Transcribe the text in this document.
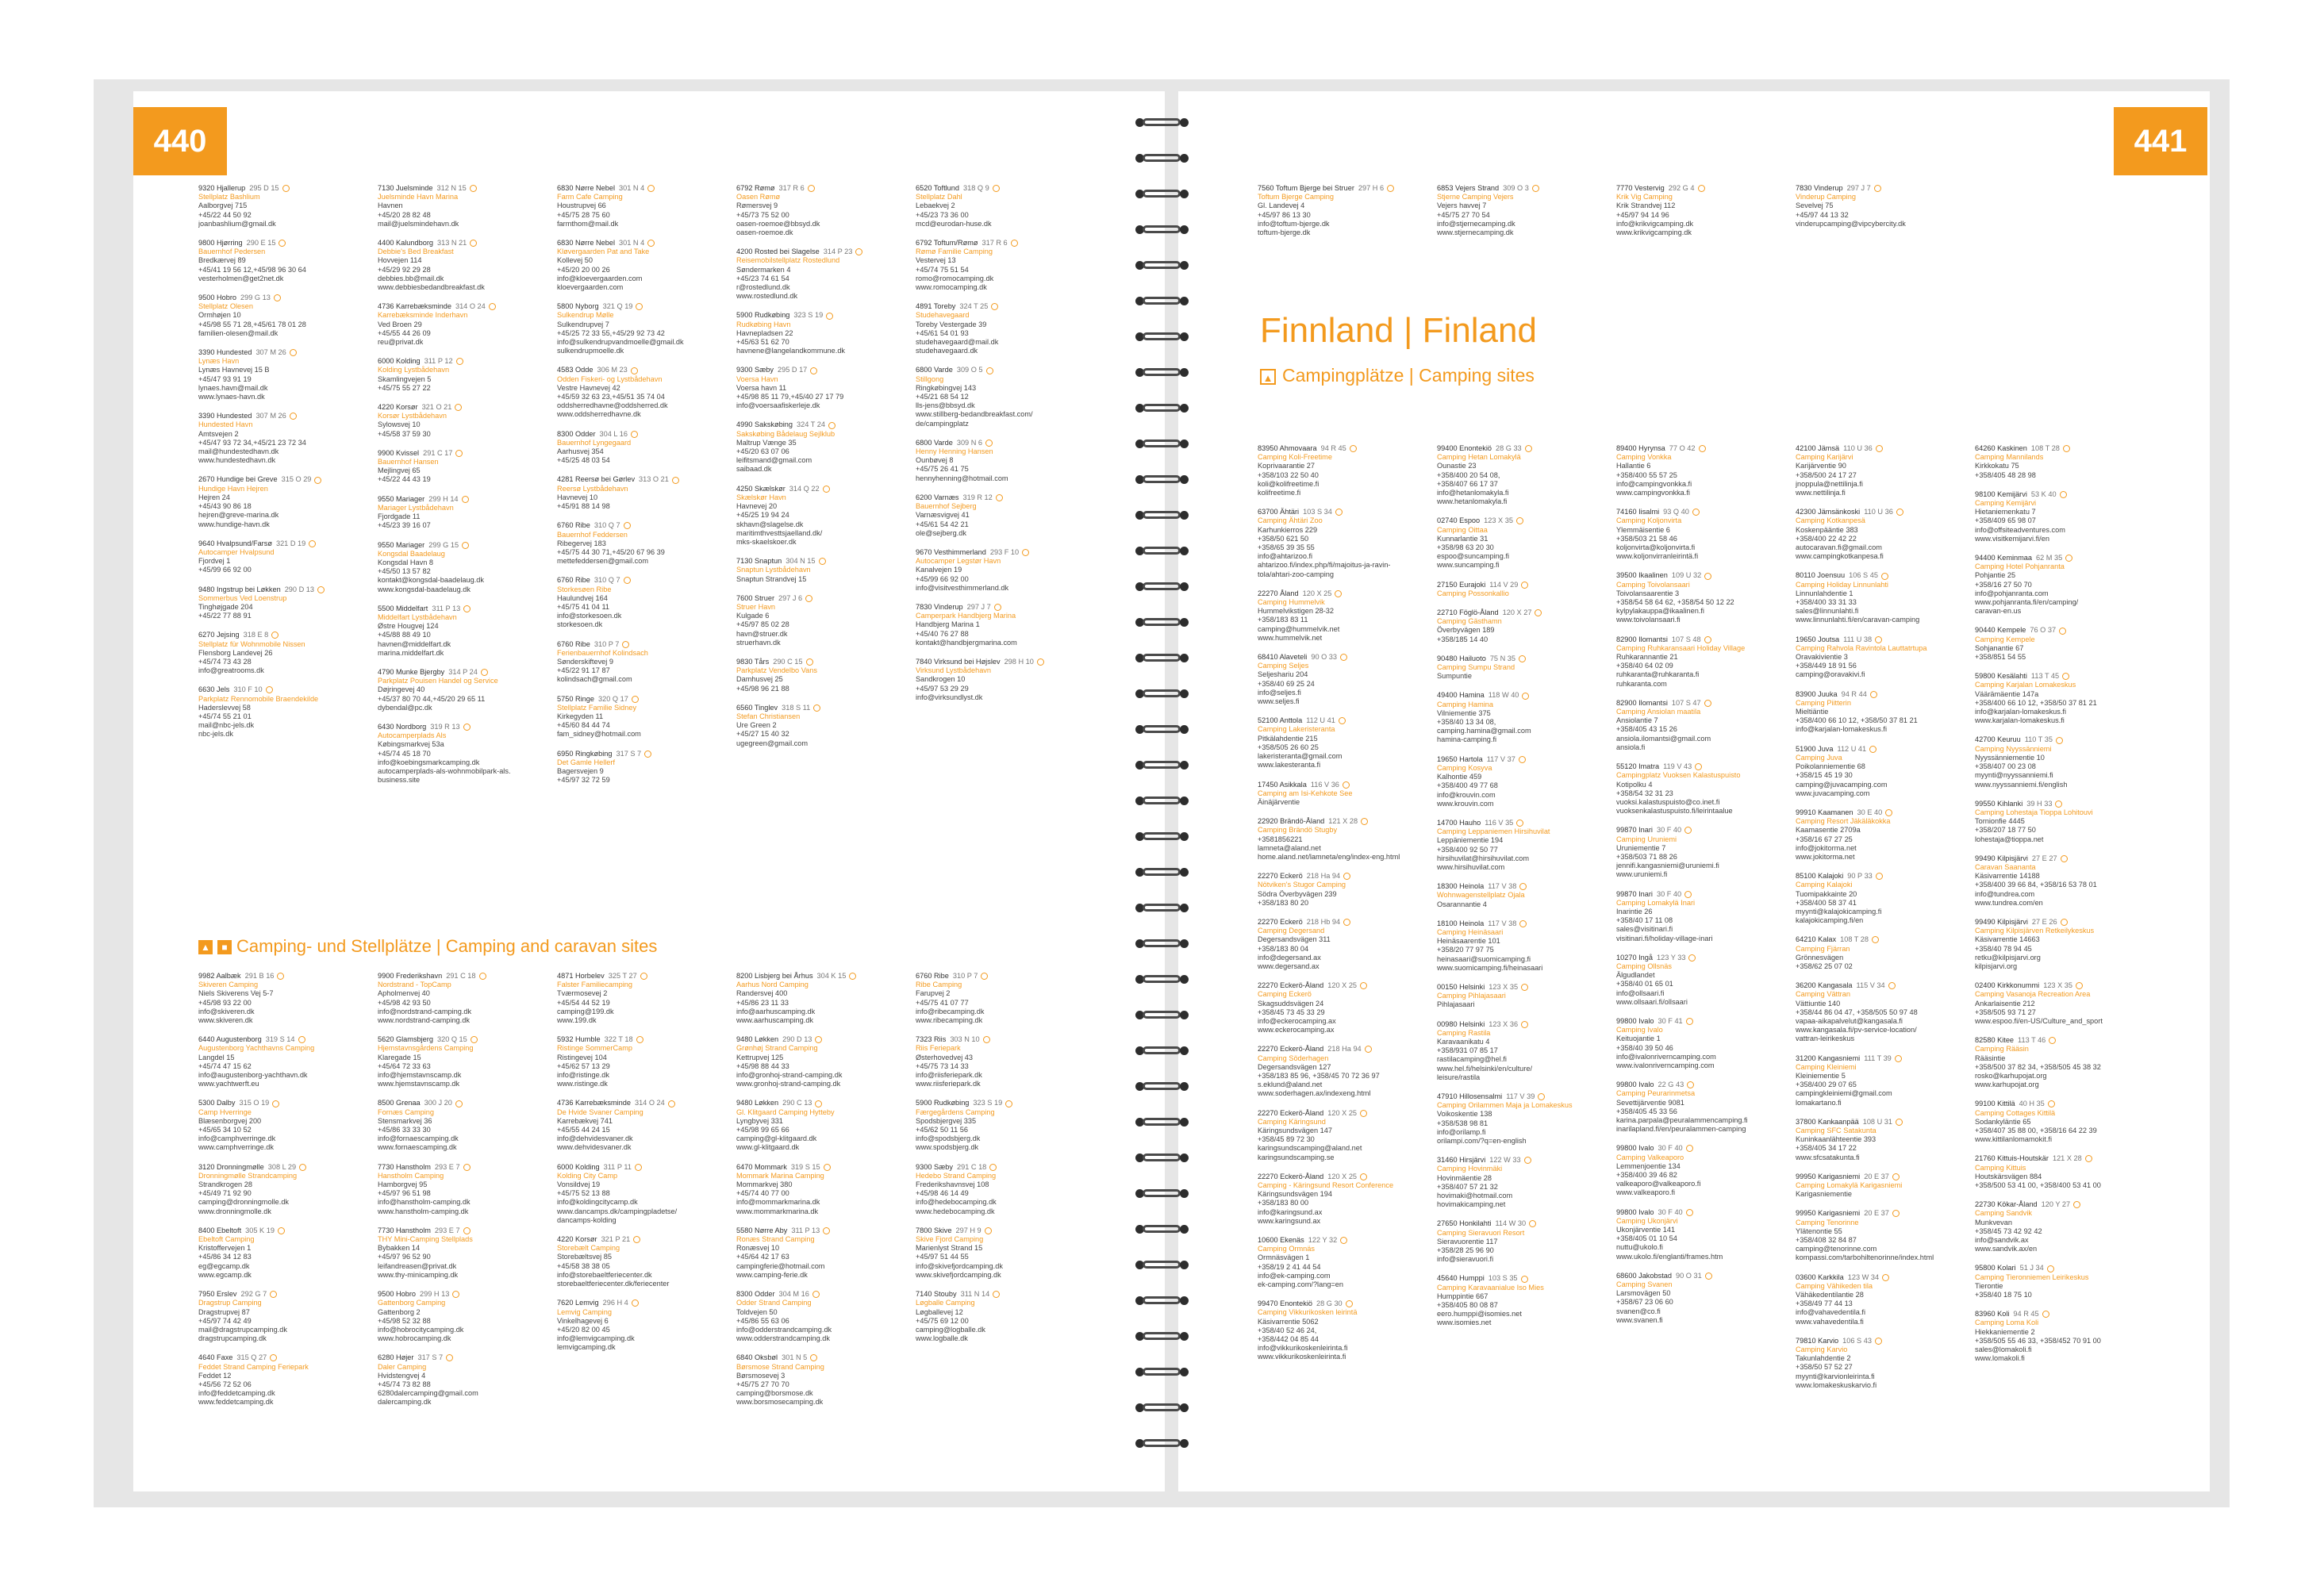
440	441
▲ ■ Camping- und Stellplätze | Camping and caravan sites
Finnland | Finland
▲ Campingplätze | Camping sites
9320 Hjallerup 295 D 15
Stellplatz Bashlium
Aalborgvej 715
+45/22 44 50 92
joanbashlium@gmail.dk
9800 Hjørring 290 E 15
Bauernhof Pedersen
Bredkærvej 89
+45/41 19 56 12,+45/98 96 30 64
vesterholmen@get2net.dk
9500 Hobro 299 G 13
Stellplatz Olesen
Ormhøjen 10
+45/98 55 71 28,+45/61 78 01 28
familien-olesen@mail.dk
3390 Hundested 307 M 26
Lynæs Havn
Lynæs Havnevej 15 B
+45/47 93 91 19
lynaes.havn@mail.dk
www.lynaes-havn.dk
3390 Hundested 307 M 26
Hundested Havn
Amtsvejen 2
+45/47 93 72 34,+45/21 23 72 34
mail@hundestedhavn.dk
www.hundestedhavn.dk
2670 Hundige bei Greve 315 O 29
Hundige Havn Hejren
Hejren 24
+45/43 90 86 18
hejren@greve-marina.dk
www.hundige-havn.dk
9640 Hvalpsund/Farsø 321 D 19
Autocamper Hvalpsund
Fjordvej 1
+45/99 66 92 00
9480 Ingstrup bei Løkken 290 D 13
Sommerbus Ved Loenstrup
Tinghøjgade 204
+45/22 77 88 91
6270 Jejsing 318 E 8
Stellplatz für Wohnmobile Nissen
Flensborg Landevej 26
+45/74 73 43 28
info@greatrooms.dk
6630 Jels 310 F 10
Parkplatz Rennomobile Braendekilde
Haderslevvej 58
+45/74 55 21 01
mail@nbc-jels.dk
nbc-jels.dk
7130 Juelsminde 312 N 15
Juelsminde Havn Marina
Havnen
+45/20 28 82 48
mail@juelsmindehavn.dk
4400 Kalundborg 313 N 21
Debbie's Bed Breakfast
Hovvejen 114
+45/29 92 29 28
debbies.bb@mail.dk
www.debbiesbedandbreakfast.dk
4736 Karrebæksminde 314 O 24
Karrebæksminde Inderhavn
Ved Broen 29
+45/55 44 26 09
reu@privat.dk
6000 Kolding 311 P 12
Kolding Lystbådehavn
Skamlingvejen 5
+45/75 55 27 22
4220 Korsør 321 O 21
Korsør Lystbådehavn
Sylowsvej 10
+45/58 37 59 30
9900 Kvissel 291 C 17
Bauernhof Hansen
Mejlingvej 65
+45/22 44 43 19
9550 Mariager 299 H 14
Mariager Lystbådehavn
Fjordgade 11
+45/23 39 16 07
9550 Mariager 299 G 15
Kongsdal Baadelaug
Kongsdal Havn 8
+45/50 13 57 82
kontakt@kongsdal-baadelaug.dk
www.kongsdal-baadelaug.dk
5500 Middelfart 311 P 13
Middelfart Lystbådehavn
Østre Hougvej 124
+45/88 88 49 10
havnen@middelfart.dk
marina.middelfart.dk
4790 Munke Bjergby 314 P 24
Parkplatz Pouisen Handel og Service
Døjringevej 40
+45/37 80 70 44,+45/20 29 65 11
dybendal@pc.dk
6430 Nordborg 319 R 13
Autocamperplads Als
Købingsmarkvej 53a
+45/74 45 18 70
info@koebingsmarkcamping.dk
autocamperplads-als-wohnmobilpark-als.
business.site
6830 Nørre Nebel 301 N 4
Farm Cafe Camping
Houstrupvej 66
+45/75 28 75 60
farmthom@mail.dk
6830 Nørre Nebel 301 N 4
Kløvergaarden Pat and Take
Kollevej 50
+45/20 20 00 26
info@kloevergaarden.com
kloevergaarden.com
5800 Nyborg 321 Q 19
Sulkendrup Mølle
Sulkendrupvej 7
+45/25 72 33 55,+45/29 92 73 42
info@sulkendrupvandmoelle@gmail.dk
sulkendrupmoelle.dk
4583 Odde 306 M 23
Odden Fiskeri- og Lystbådehavn
Vestre Havnevej 42
+45/59 32 63 23,+45/51 35 74 04
oddsherredhavne@oddsherred.dk
www.oddsherredhavne.dk
8300 Odder 304 L 16
Bauernhof Lyngegaard
Aarhusvej 354
+45/25 48 03 54
4281 Reersø bei Gørlev 313 O 21
Reersø Lystbådehavn
Havnevej 10
+45/91 88 14 98
6760 Ribe 310 Q 7
Bauernhof Feddersen
Ribegervej 183
+45/75 44 30 71,+45/20 67 96 39
mettefeddersen@gmail.com
6760 Ribe 310 Q 7
Storkesøen Ribe
Haulundvej 164
+45/75 41 04 11
info@storkesoen.dk
storkesoen.dk
6760 Ribe 310 P 7
Ferienbauernhof Kolindsach
Sønderskiftevej 9
+45/22 91 17 87
kolindsach@gmail.com
5750 Ringe 320 Q 17
Stellplatz Familie Sidney
Kirkegyden 11
+45/60 84 44 74
fam_sidney@hotmail.com
6950 Ringkøbing 317 S 7
Det Gamle Hellerf
Bagersvejen 9
+45/97 32 72 59
6792 Rømø 317 R 6
Oasen Rømø
Rømersvej 9
+45/73 75 52 00
oasen-roemoe@bbsyd.dk
oasen-roemoe.dk
4200 Rosted bei Slagelse 314 P 23
Reisemobilstellplatz Rostedlund
Søndermarken 4
+45/23 74 61 54
r@rostedlund.dk
www.rostedlund.dk
5900 Rudkøbing 323 S 19
Rudkøbing Havn
Havnepladsen 22
+45/63 51 62 70
havnene@langelandkommune.dk
9300 Sæby 295 D 17
Voersa Havn
Voersa havn 11
+45/98 85 11 79,+45/40 27 17 79
info@voersaafiskerleje.dk
4990 Sakskøbing 324 T 24
Sakskøbing Bådelaug Sejlklub
Maltrup Vænge 35
+45/20 63 07 06
leifitsmand@gmail.com
saibaad.dk
4250 Skælskør 314 Q 22
Skælskør Havn
Havnevej 20
+45/25 19 94 24
skhavn@slagelse.dk
maritimthvesttsjaelland.dk/
mks-skaelskoer.dk
7130 Snaptun 304 N 15
Snaptun Lystbådehavn
Snaptun Strandvej 15
7600 Struer 297 J 6
Struer Havn
Kulgade 6
+45/97 85 02 28
havn@struer.dk
struerhavn.dk
9830 Tårs 290 C 15
Parkplatz Vendelbo Vans
Damhusvej 25
+45/98 96 21 88
6560 Tinglev 318 S 11
Stefan Christiansen
Ure Green 2
+45/27 15 40 32
ugegreen@gmail.com
6520 Toftlund 318 Q 9
Stellplatz Dahl
Lebaekvej 2
+45/23 73 36 00
mcd@eurodan-huse.dk
6792 Toftum/Rømø 317 R 6
Rømø Familie Camping
Vestervej 13
+45/74 75 51 54
romo@romocamping.dk
www.romocamping.dk
4891 Toreby 324 T 25
Studehavegaard
Toreby Vestergade 39
+45/61 54 01 93
studehavegaard@mail.dk
studehavegaard.dk
6800 Varde 309 O 5
Stillgong
Ringkøbingvej 143
+45/21 68 54 12
lls-jens@bbsyd.dk
www.stillberg-bedandbreakfast.com/
de/campingplatz
6800 Varde 309 N 6
Henny Henning Hansen
Ounbøvej 8
+45/75 26 41 75
hennyhenning@hotmail.com
6200 Varnæs 319 R 12
Bauernhof Sejberg
Varnæsvigvej 41
+45/61 54 42 21
ole@sejberg.dk
9670 Vesthimmerland 293 F 10
Autocamper Legstør Havn
Kanalvejen 19
+45/99 66 92 00
info@visitvesthimmerland.dk
7830 Vinderup 297 J 7
Camperpark Handbjerg Marina
Handbjerg Marina 1
+45/40 76 27 88
kontakt@handbjergmarina.com
7840 Virksund bei Højslev 298 H 10
Virksund Lystbådehavn
Sandkrogen 10
+45/97 53 29 29
info@virksundlyst.dk
9982 Aalbæk 291 B 16
Skiveren Camping
Niels Skiverens Vej 5-7
+45/98 93 22 00
info@skiveren.dk
www.skiveren.dk
6440 Augustenborg 319 S 14
Augustenborg Yachthavns Camping
Langdel 15
+45/74 47 15 62
info@augustenborg-yachthavn.dk
www.yachtwerft.eu
5300 Dalby 315 O 19
Camp Hverringe
Blæsenborgvej 200
+45/65 34 10 52
info@camphverringe.dk
www.camphverringe.dk
3120 Dronningmølle 308 L 29
Dronningmølle Strandcamping
Strandkrogen 28
+45/49 71 92 90
camping@dronningmolle.dk
www.dronningmolle.dk
8400 Ebeltoft 305 K 19
Ebeltoft Camping
Kristoffervejen 1
+45/86 34 12 83
eg@egcamp.dk
www.egcamp.dk
7950 Erslev 292 G 7
Dragstrup Camping
Dragstrupvej 87
+45/97 74 42 49
mail@dragstrupcamping.dk
dragstrupcamping.dk
4640 Faxe 315 Q 27
Feddet Strand Camping Feriepark
Feddet 12
+45/56 72 52 06
info@feddetcamping.dk
www.feddetcamping.dk
9900 Frederikshavn 291 C 18
Nordstrand - TopCamp
Apholmenvej 40
+45/98 42 93 50
info@nordstrand-camping.dk
www.nordstrand-camping.dk
5620 Glamsbjerg 320 Q 15
Hjemstavnsgårdens Camping
Klaregade 15
+45/64 72 33 63
info@hjemstavnscamp.dk
www.hjemstavnscamp.dk
8500 Grenaa 300 J 20
Fornæs Camping
Stensmarkvej 36
+45/86 33 33 30
info@fornaescamping.dk
www.fornaescamping.dk
7730 Hanstholm 293 E 7
Hanstholm Camping
Hamborgvej 95
+45/97 96 51 98
info@hanstholm-camping.dk
www.hanstholm-camping.dk
7730 Hanstholm 293 E 7
THY Mini-Camping Stellplads
Bybakken 14
+45/97 96 52 90
leifandreasen@privat.dk
www.thy-minicamping.dk
9500 Hobro 299 H 13
Gattenborg Camping
Gattenborg 2
+45/98 52 32 88
info@hobrocitycamping.dk
www.hobrocamping.dk
6280 Højer 317 S 7
Daler Camping
Hvidstengvej 4
+45/74 73 82 88
6280dalercamping@gmail.com
dalercamping.dk
4871 Horbelev 325 T 27
Falster Familiecamping
Tværmosevej 2
+45/54 44 52 19
camping@199.dk
www.199.dk
5932 Humble 322 T 18
Ristinge SommerCamp
Ristingevej 104
+45/62 57 13 29
info@ristinge.dk
www.ristinge.dk
4736 Karrebæksminde 314 O 24
De Hvide Svaner Camping
Karrebækvej 741
+45/55 44 24 15
info@dehvidesvaner.dk
www.dehvidesvaner.dk
6000 Kolding 311 P 11
Kolding City Camp
Vonsildvej 19
+45/75 52 13 88
info@koldingcitycamp.dk
www.dancamps.dk/campingpladetse/
dancamps-kolding
4220 Korsør 321 P 21
Storebælt Camping
Storebæltsvej 85
+45/58 38 38 05
info@storebaeltferiecenter.dk
storebaeltferiecenter.dk/feriecenter
7620 Lemvig 296 H 4
Lemvig Camping
Vinkelhagevej 6
+45/20 82 00 45
info@lemvigcamping.dk
lemvigcamping.dk
8200 Lisbjerg bei Århus 304 K 15
Aarhus Nord Camping
Randersvej 400
+45/86 23 11 33
info@aarhuscamping.dk
www.aarhuscamping.dk
9480 Løkken 290 D 13
Grønhøj Strand Camping
Kettrupvej 125
+45/98 88 44 33
info@gronhoj-strand-camping.dk
www.gronhoj-strand-camping.dk
9480 Løkken 290 C 13
Gl. Klitgaard Camping Hytteby
Lyngbyvej 331
+45/98 99 65 66
camping@gl-klitgaard.dk
www.gl-klitgaard.dk
6470 Mommark 319 S 15
Mommark Marina Camping
Mommarkvej 380
+45/74 40 77 00
info@mommarkmarina.dk
www.mommarkmarina.dk
5580 Nørre Aby 311 P 13
Ronæs Strand Camping
Ronæsvej 10
+45/64 42 17 63
campingferie@hotmail.com
www.camping-ferie.dk
8300 Odder 304 M 16
Odder Strand Camping
Toldvejen 50
+45/86 55 63 06
info@odderstrandcamping.dk
www.odderstrandcamping.dk
6840 Oksbøl 301 N 5
Børsmose Strand Camping
Børsmosevej 3
+45/75 27 70 70
camping@borsmose.dk
www.borsmosecamping.dk
6760 Ribe 310 P 7
Ribe Camping
Farupvej 2
+45/75 41 07 77
info@ribecamping.dk
www.ribecamping.dk
7323 Riis 303 N 10
Riis Feriepark
Østerhovedvej 43
+45/75 73 14 33
info@riisferiepark.dk
www.riisferiepark.dk
5900 Rudkøbing 323 S 19
Færgegårdens Camping
Spodsbjergvej 335
+45/62 50 11 56
info@spodsbjerg.dk
www.spodsbjerg.dk
9300 Sæby 291 C 18
Hedebo Strand Camping
Frederikshavnsvej 108
+45/98 46 14 49
info@hedebocamping.dk
www.hedebocamping.dk
7800 Skive 297 H 9
Skive Fjord Camping
Marienlyst Strand 15
+45/97 51 44 55
info@skivefjordcamping.dk
www.skivefjordcamping.dk
7140 Stouby 311 N 14
Løgballe Camping
Løgballevej 12
+45/75 69 12 00
camping@logballe.dk
www.logballe.dk
7560 Toftum Bjerge bei Struer 297 H 6
Toftum Bjerge Camping
Gl. Landevej 4
+45/97 86 13 30
info@toftum-bjerge.dk
toftum-bjerge.dk
6853 Vejers Strand 309 O 3
Stjerne Camping Vejers
Vejers havvej 7
+45/75 27 70 54
info@stjernecamping.dk
www.stjernecamping.dk
7770 Vestervig 292 G 4
Krik Vig Camping
Krik Strandvej 112
+45/97 94 14 96
info@krikvigcamping.dk
www.krikvigcamping.dk
7830 Vinderup 297 J 7
Vinderup Camping
Sevelvej 75
+45/97 44 13 32
vinderupcamping@vipcybercity.dk
83950 Ahmovaara 94 R 45
Camping Koli-Freetime
Koprivaarantie 27
+358/103 22 50 40
koli@kolifreetime.fi
kolifreetime.fi
63700 Ähtäri 103 S 34
Camping Ähtäri Zoo
Karhunkierros 229
+358/50 621 50
+358/65 39 35 55
info@ahtarizoo.fi
ahtarizoo.fi/index.php/fi/majoitus-ja-ravin-
tola/ahtari-zoo-camping
22270 Åland 120 X 25
Camping Hummelvik
Hummelvikstigen 28-32
+358/183 83 11
camping@hummelvik.net
www.hummelvik.net
68410 Alaveteli 90 O 33
Camping Seljes
Seljeshariu 204
+358/40 69 25 24
info@seljes.fi
www.seljes.fi
52100 Anttola 112 U 41
Camping Lakeristeranta
Pitkälahdentie 215
+358/505 26 60 25
lakeristeranta@gmail.com
www.lakesteranta.fi
17450 Asikkala 116 V 36
Camping am Isi-Kehkote See
Äinäjärventie
22920 Brändö-Åland 121 X 28
Camping Brändö Stugby
+3581856221
lamneta@aland.net
home.aland.net/lamneta/eng/index-eng.html
22270 Eckerö 218 Ha 94
Nötviken's Stugor Camping
Södra Överbyvägen 239
+358/183 80 20
22270 Eckerö 218 Hb 94
Camping Degersand
Degersandsvägen 311
+358/183 80 04
info@degersand.ax
www.degersand.ax
22270 Eckerö-Åland 120 X 25
Camping Eckerö
Skagsuddsvägen 24
+358/45 73 45 33 29
info@eckerocamping.ax
www.eckerocamping.ax
22270 Eckerö-Åland 218 Ha 94
Camping Söderhagen
Degersandsvägen 127
+358/183 85 96, +358/45 70 72 36 97
s.eklund@aland.net
www.soderhagen.ax/indexeng.html
22270 Eckerö-Åland 120 X 25
Camping Käringsund
Käringsundsvägen 147
+358/45 89 72 30
karingsundscamping@aland.net
karingsundscamping.se
22270 Eckerö-Åland 120 X 25
Camping - Käringsund Resort Conference
Käringsundsvägen 194
+358/183 80 00
info@karingsund.ax
www.karingsund.ax
10600 Ekenäs 122 Y 32
Camping Ormnäs
Ormnäsvägen 1
+358/19 2 41 44 54
info@ek-camping.com
ek-camping.com/?lang=en
99470 Enontekiö 28 G 30
Camping Vikkurikosken leirintä
Käsivarrentie 5062
+358/40 52 46 24,
+358/442 04 85 44
info@vikkurikoskenleirinta.fi
www.vikkurikoskenleirinta.fi
99400 Enontekiö 28 G 33
Camping Hetan Lomakylä
Ounastie 23
+358/400 20 54 08,
+358/407 66 17 37
info@hetanlomakyla.fi
www.hetanlomakyla.fi
02740 Espoo 123 X 35
Camping Oittaa
Kunnarlantie 31
+358/98 63 20 30
espoo@suncamping.fi
www.suncamping.fi
27150 Eurajoki 114 V 29
Camping Possonkallio
22710 Föglö-Åland 120 X 27
Camping Gästhamn
Överbyvägen 189
+358/185 14 40
90480 Hailuoto 75 N 35
Camping Sumpu Strand
Sumpuntie
49400 Hamina 118 W 40
Camping Hamina
Vilniementie 375
+358/40 13 34 08,
camping.hamina@gmail.com
hamina-camping.fi
19650 Hartola 117 V 37
Camping Kosyva
Kalhontie 459
+358/400 49 77 68
info@krouvin.com
www.krouvin.com
14700 Hauho 116 V 35
Camping Leppaniemen Hirsihuvilat
Leppäniementie 194
+358/400 92 50 77
hirsihuvilat@hirsihuvilat.com
www.hirsihuvilat.com
18300 Heinola 117 V 38
Wohnwagenstellplatz Ojala
Osarannantie 4
18100 Heinola 117 V 38
Camping Heinäsaari
Heinäsaarentie 101
+358/20 77 97 75
heinasaari@suomicamping.fi
www.suomicamping.fi/heinasaari
00150 Helsinki 123 X 35
Camping Pihlajasaari
Pihlajasaari
00980 Helsinki 123 X 36
Camping Rastila
Karavaanikatu 4
+358/931 07 85 17
rastilacamping@hel.fi
www.hel.fi/helsinki/en/culture/
leisure/rastila
47910 Hillosensalmi 117 V 39
Camping Orilammen Maja ja Lomakeskus
Voikoskentie 138
+358/538 98 81
info@orilamp.fi
orilampi.com/?q=en-english
31460 Hirsjärvi 122 W 33
Camping Hovinmäki
Hovinmäentie 28
+358/407 57 21 32
hovimaki@hotmail.com
hovimakicamping.net
27650 Honkilahti 114 W 30
Camping Sieravuori Resort
Sieravuorentie 117
+358/28 25 96 90
info@sieravuori.fi
45640 Humppi 103 S 35
Camping Karavaanialue Iso Mies
Humppintie 667
+358/405 80 08 87
eero.humppi@isomies.net
www.isomies.net
89400 Hyrynsa 77 O 42
Camping Vonkka
Hallantie 6
+358/400 55 57 25
info@campingvonkka.fi
www.campingvonkka.fi
74160 Iisalmi 93 Q 40
Camping Koljonvirta
Ylemmäisentie 6
+358/503 21 58 46
koljonvirta@koljonvirta.fi
www.koljonvirranleirintä.fi
39500 Ikaalinen 109 U 32
Camping Toivolansaari
Toivolansaarentie 3
+358/54 58 64 62, +358/54 50 12 22
kylpylakauppa@ikaalinen.fi
www.toivolansaari.fi
82900 Ilomantsi 107 S 48
Camping Ruhkaransaari Holiday Village
Ruhkarannantie 21
+358/40 64 02 09
ruhkaranta@ruhkaranta.fi
ruhkaranta.com
82900 Ilomantsi 107 S 47
Camping Ansiolan maatila
Ansiolantie 7
+358/405 43 15 26
ansiola.ilomantsi@gmail.com
ansiola.fi
55120 Imatra 119 V 43
Campingplatz Vuoksen Kalastuspuisto
Kotipolku 4
+358/54 32 31 23
vuoksi.kalastuspuisto@co.inet.fi
vuoksenkalastuspuisto.fi/leirintaalue
99870 Inari 30 F 40
Camping Uruniemi
Uruniementie 7
+358/503 71 88 26
jennifi.kangasniemi@uruniemi.fi
www.uruniemi.fi
99870 Inari 30 F 40
Camping Lomakylä Inari
Inarintie 26
+358/40 17 11 08
sales@visitinari.fi
visitinari.fi/holiday-village-inari
10270 Ingå 123 Y 33
Camping Ollsnäs
Älgudlandet
+358/40 01 65 01
info@ollsaari.fi
www.ollsaari.fi/ollsaari
99800 Ivalo 30 F 41
Camping Ivalo
Keituojantie 1
+358/40 39 50 46
info@ivalonriverncamping.com
www.ivalonriverncamping.com
99800 Ivalo 22 G 43
Camping Peurarinmetsa
Sevettijärventie 9081
+358/405 45 33 56
karina.parpala@peuralammencamping.fi
inarilapland.fi/en/peuralammen-camping
99800 Ivalo 30 F 40
Camping Valkeaporo
Lemmenjoentie 134
+358/400 39 46 82
valkeaporo@valkeaporo.fi
www.valkeaporo.fi
99800 Ivalo 30 F 40
Camping Ukonjärvi
Ukonjärventie 141
+358/405 01 10 54
nuttu@ukolo.fi
www.ukolo.fi/englanti/frames.htm
68600 Jakobstad 90 O 31
Camping Svanen
Larsmovägen 50
+358/67 23 06 60
svanen@co.fi
www.svanen.fi
42100 Jämsä 110 U 36
Camping Karijärvi
Karijärventie 90
+358/500 24 17 27
jnoppula@nettilinja.fi
www.nettilinja.fi
42300 Jämsänkoski 110 U 36
Camping Kotkanpesä
Koskenpääntie 383
+358/400 22 42 22
autocaravan.fi@gmail.com
www.campingkotkanpesa.fi
80110 Joensuu 106 S 45
Camping Holiday Linnunlahti
Linnunlahdentie 1
+358/400 33 31 33
sales@linnunlahti.fi
www.linnunlahti.fi/en/caravan-camping
19650 Joutsa 111 U 38
Camping Rahvola Ravintola Lauttatrtupa
Oravakivientie 3
+358/449 18 91 56
camping@oravakivi.fi
83900 Juuka 94 R 44
Camping Piitterin
Mieltiäntie
+358/400 66 10 12, +358/50 37 81 21
info@karjalan-lomakeskus.fi
51900 Juva 112 U 41
Camping Juva
Poikolanniementie 68
+358/15 45 19 30
camping@juvacamping.com
www.juvacamping.com
99910 Kaamanen 30 E 40
Camping Resort Jäkäläkokka
Kaamasentie 2709a
+358/16 67 27 25
info@jokitorma.net
www.jokitorma.net
85100 Kalajoki 90 P 33
Camping Kalajoki
Tuomipakkainte 20
+358/400 58 37 41
myynti@kalajokicamping.fi
kalajokicamping.fi/en
64210 Kalax 108 T 28
Camping Fjärran
Grönnesvägen
+358/62 25 07 02
36200 Kangasala 115 V 34
Camping Vättran
Vättiuntie 140
+358/44 86 04 47, +358/505 50 97 48
vapaa-aikapalvelut@kangasala.fi
www.kangasala.fi/pv-service-location/
vattran-leirikeskus
31200 Kangasniemi 111 T 39
Camping Kleiniemi
Kleiniementie 5
+358/400 29 07 65
campingkleiniemi@gmail.com
lomakartano.fi
37800 Kankaanpää 108 U 31
Camping SFC Satakunta
Kuninkaanlähteentie 393
+358/405 34 17 22
www.sfcsatakunta.fi
99950 Karigasniemi 20 E 37
Camping Lomakylä Karigasniemi
Karigasniementie
99950 Karigasniemi 20 E 37
Camping Tenorinne
Ylätenontie 55
+358/408 32 84 87
camping@tenorinne.com
kompassi.com/tarbohiltenorinne/index.html
03600 Karkkila 123 W 34
Camping Vähikeden tila
Vähäkedentilantie 28
+358/49 77 44 13
info@vahavedentila.fi
www.vahavedentila.fi
79810 Karvio 106 S 43
Camping Karvio
Takunlahdentie 2
+358/50 57 52 27
myynti@karvionleirinta.fi
www.lomakeskuskarvio.fi
64260 Kaskinen 108 T 28
Camping Mannilands
Kirkkokatu 75
+358/405 48 28 98
98100 Kemijärvi 53 K 40
Camping Kemijärvi
Hietaniemenkatu 7
+358/409 65 98 07
info@offsiteadventures.com
www.visitkemijarvi.fi/en
94400 Keminmaa 62 M 35
Camping Hotel Pohjanranta
Pohjantie 25
+358/16 27 50 70
info@pohjanranta.com
www.pohjanranta.fi/en/camping/
caravan-en.us
90440 Kempele 76 O 37
Camping Kempele
Sohjanantie 67
+358/851 54 55
59800 Kesälahti 113 T 45
Camping Karjalan Lomakeskus
Väärämäentie 147a
+358/400 66 10 12, +358/50 37 81 21
info@karjalan-lomakeskus.fi
www.karjalan-lomakeskus.fi
42700 Keuruu 110 T 35
Camping Nyyssänniemi
Nyyssänniementie 10
+358/407 00 23 08
myynti@nyyssanniemi.fi
www.nyyssanniemi.fi/english
99550 Kihlanki 39 H 33
Camping Lohestaja Tioppa Lohitouvi
Tornionfie 4445
+358/207 18 77 50
lohestaja@tioppa.net
99490 Kilpisjärvi 27 E 27
Caravan Saananta
Käsivarrentie 14188
+358/400 39 66 84, +358/16 53 78 01
info@tundrea.com
www.tundrea.com/en
99490 Kilpisjärvi 27 E 26
Camping Kilpisjärven Retkeilykeskus
Käsivarrentie 14663
+358/40 78 94 45
retku@kilpisjarvi.org
kilpisjarvi.org
02400 Kirkkonummi 123 X 35
Camping Vasanoja Recreation Area
Ankarlaisentie 212
+358/505 93 71 27
www.espoo.fi/en-US/Culture_and_sport
82580 Kitee 113 T 46
Camping Rääsin
Rääsintie
+358/500 37 82 34, +358/505 45 38 32
rosko@karhupojat.org
www.karhupojat.org
99100 Kittilä 40 H 35
Camping Cottages Kittilä
Sodankyläntie 65
+358/407 35 88 00, +358/16 64 22 39
www.kittilanlomamokit.fi
21760 Kittuis-Houtskär 121 X 28
Camping Kittuis
Houtskärsvägen 884
+358/500 53 41 00, +358/400 53 41 00
22730 Kökar-Åland 120 Y 27
Camping Sandvik
Munkvevan
+358/45 73 42 92 42
info@sandvik.ax
www.sandvik.ax/en
95800 Kolari 51 J 34
Camping Tieronniemen Leirikeskus
Tierontie
+358/40 18 75 10
83960 Koli 94 R 45
Camping Loma Koli
Hiekkaniementie 2
+358/505 55 46 33, +358/452 70 91 00
sales@lomakoli.fi
www.lomakoli.fi
